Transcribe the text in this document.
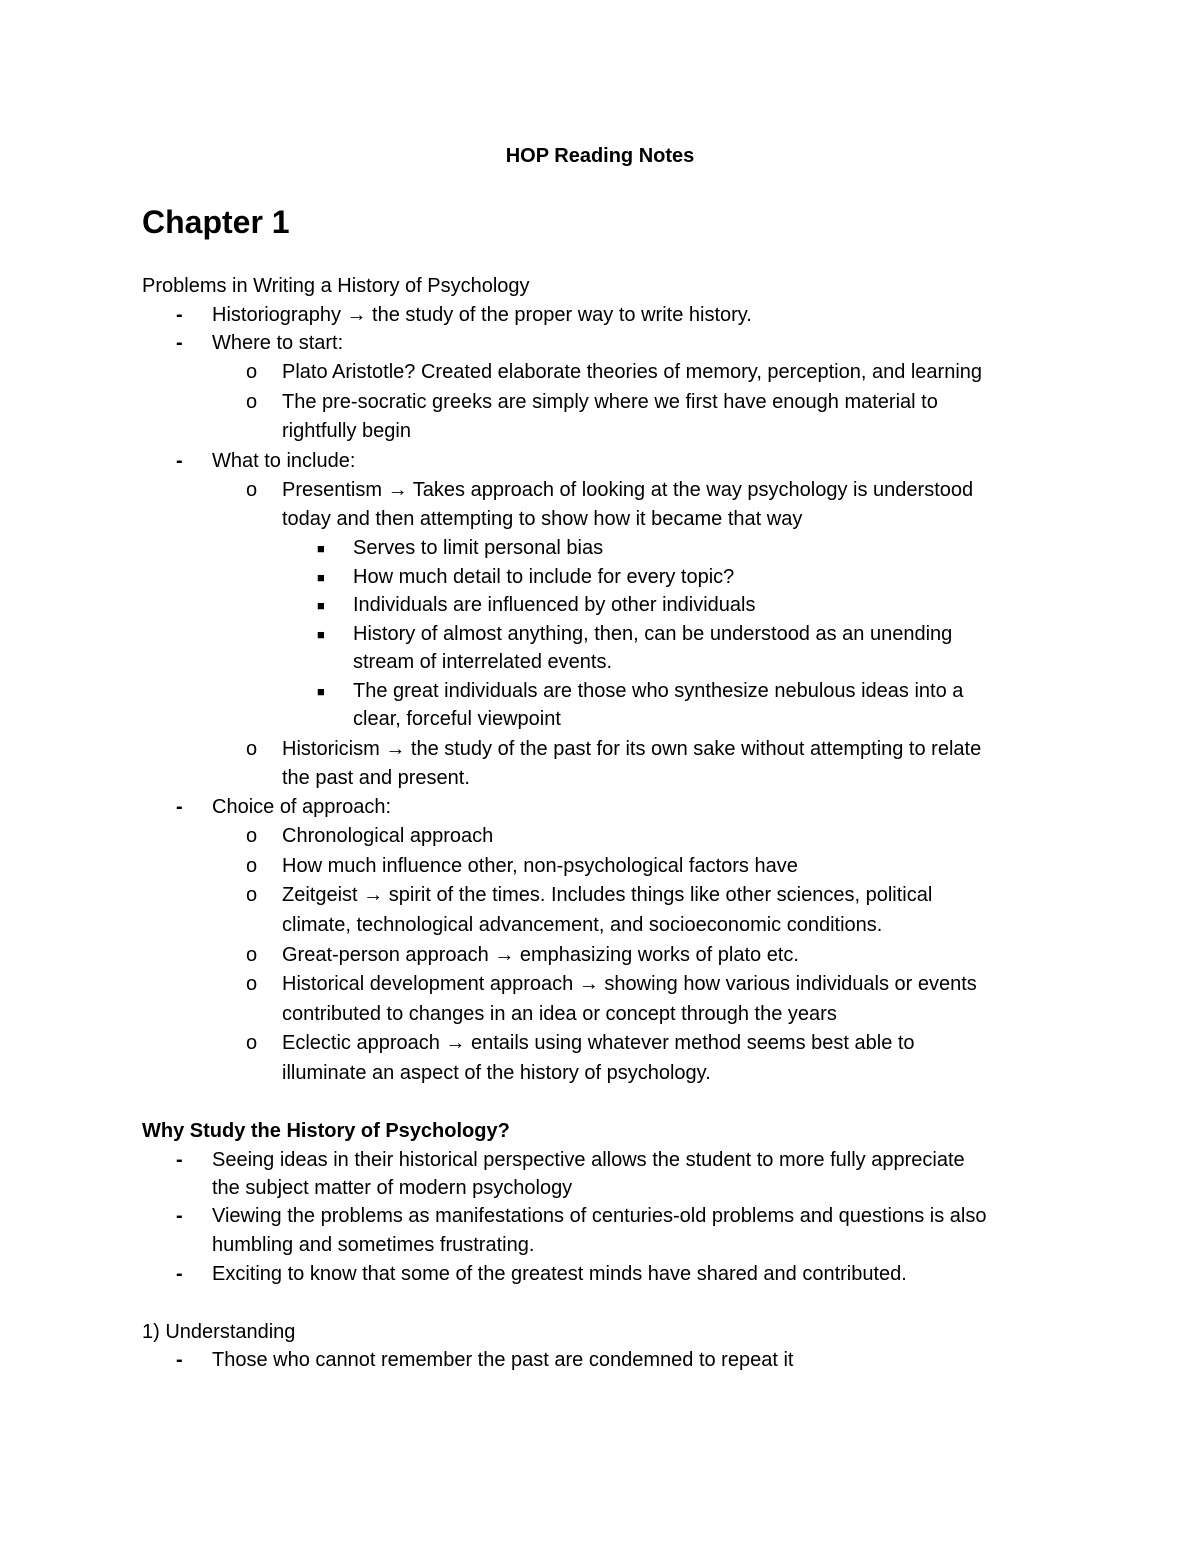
HOP Reading Notes
Chapter 1
Problems in Writing a History of Psychology
- Historiography → the study of the proper way to write history.
- Where to start:
o Plato Aristotle? Created elaborate theories of memory, perception, and learning
o The pre-socratic greeks are simply where we first have enough material to
rightfully begin
- What to include:
o Presentism → Takes approach of looking at the way psychology is understood
today and then attempting to show how it became that way
■ Serves to limit personal bias
■ How much detail to include for every topic?
■ Individuals are influenced by other individuals
■ History of almost anything, then, can be understood as an unending
stream of interrelated events.
■ The great individuals are those who synthesize nebulous ideas into a
clear, forceful viewpoint
o Historicism → the study of the past for its own sake without attempting to relate
the past and present.
- Choice of approach:
o Chronological approach
o How much influence other, non-psychological factors have
o Zeitgeist → spirit of the times. Includes things like other sciences, political
climate, technological advancement, and socioeconomic conditions.
o Great-person approach → emphasizing works of plato etc.
o Historical development approach → showing how various individuals or events
contributed to changes in an idea or concept through the years
o Eclectic approach → entails using whatever method seems best able to
illuminate an aspect of the history of psychology.
Why Study the History of Psychology?
- Seeing ideas in their historical perspective allows the student to more fully appreciate
the subject matter of modern psychology
- Viewing the problems as manifestations of centuries-old problems and questions is also
humbling and sometimes frustrating.
- Exciting to know that some of the greatest minds have shared and contributed.
1) Understanding
- Those who cannot remember the past are condemned to repeat it
